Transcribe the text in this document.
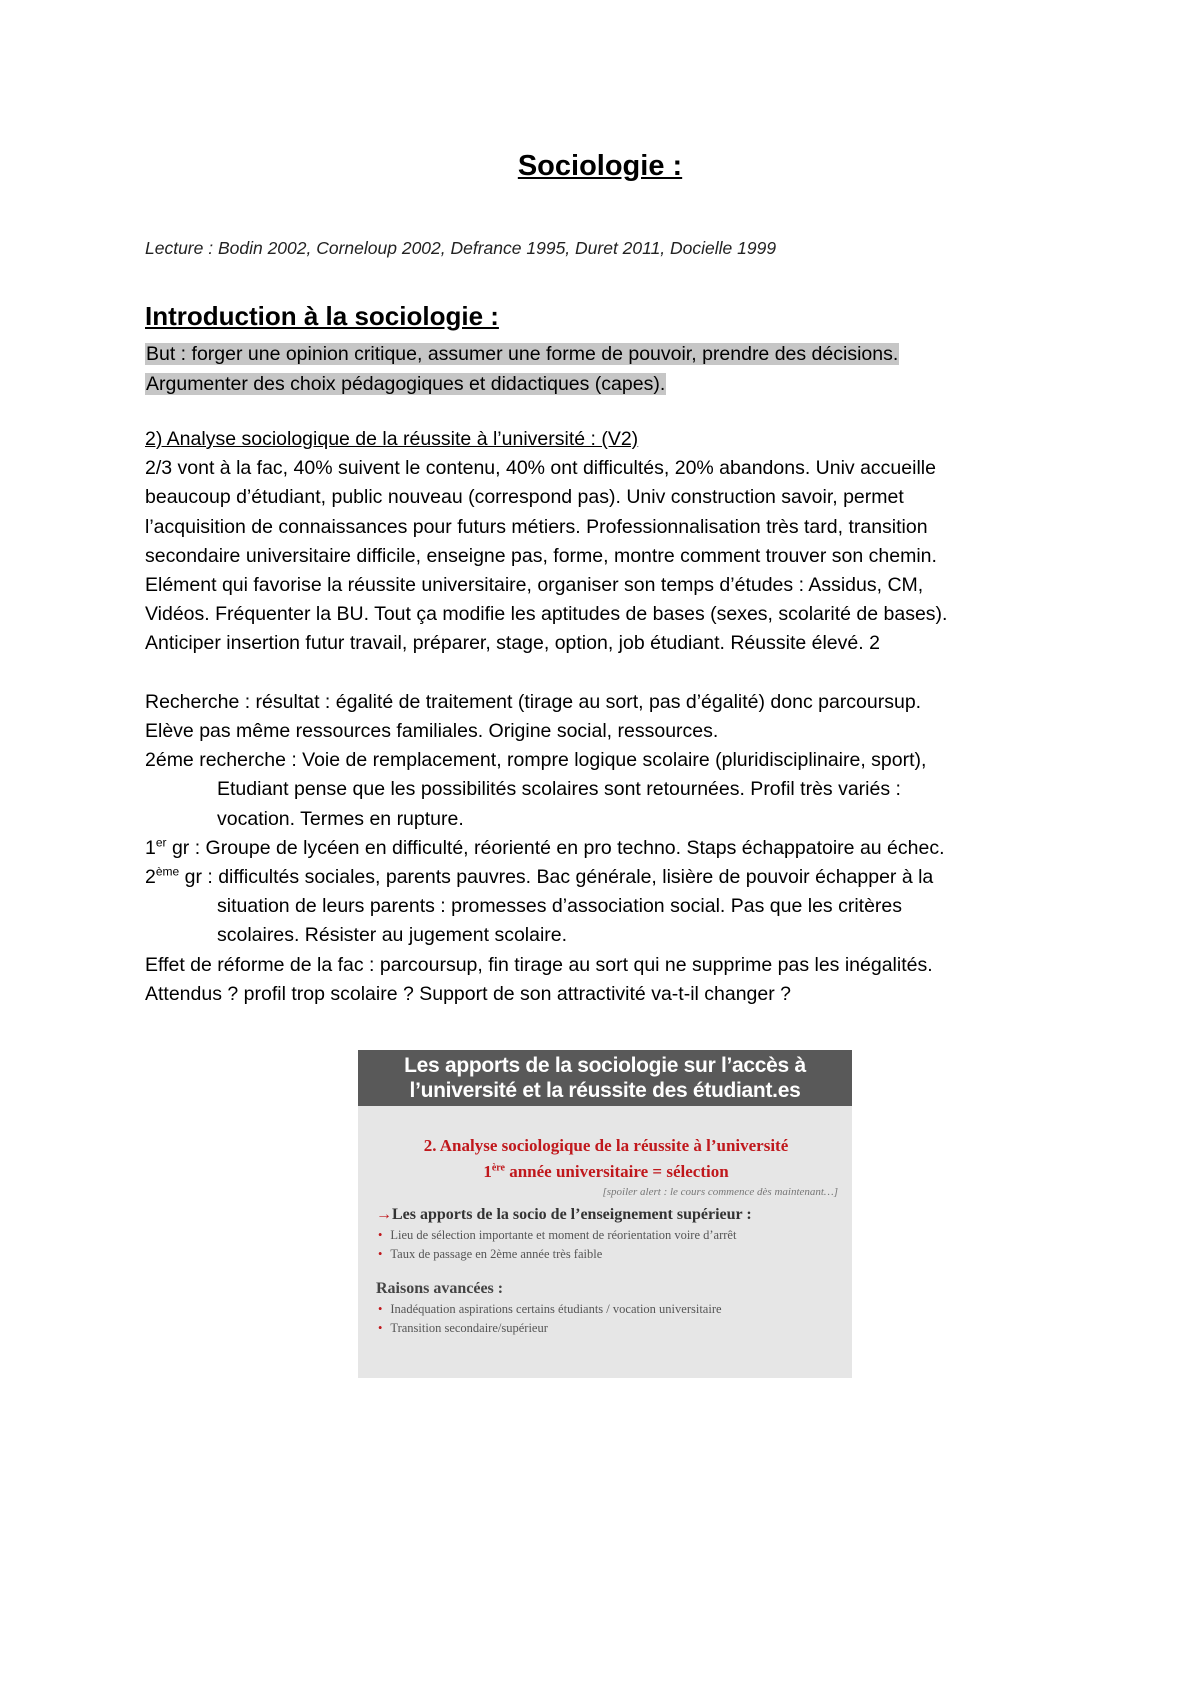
Sociologie :
Lecture : Bodin 2002, Corneloup 2002, Defrance 1995, Duret 2011, Docielle 1999
Introduction à la sociologie :
But : forger une opinion critique, assumer une forme de pouvoir, prendre des décisions.
Argumenter des choix pédagogiques et didactiques (capes).
2) Analyse sociologique de la réussite à l’université : (V2)
2/3 vont à la fac, 40% suivent le contenu, 40% ont difficultés, 20% abandons. Univ accueille
beaucoup d’étudiant, public nouveau (correspond pas). Univ construction savoir, permet
l’acquisition de connaissances pour futurs métiers. Professionnalisation très tard, transition
secondaire universitaire difficile, enseigne pas, forme, montre comment trouver son chemin.
Elément qui favorise la réussite universitaire, organiser son temps d’études : Assidus, CM,
Vidéos. Fréquenter la BU. Tout ça modifie les aptitudes de bases (sexes, scolarité de bases).
Anticiper insertion futur travail, préparer, stage, option, job étudiant. Réussite élevé. 2
Recherche : résultat : égalité de traitement (tirage au sort, pas d’égalité) donc parcoursup.
Elève pas même ressources familiales. Origine social, ressources.
2éme recherche : Voie de remplacement, rompre logique scolaire (pluridisciplinaire, sport),
Etudiant pense que les possibilités scolaires sont retournées. Profil très variés :
vocation. Termes en rupture.
1er gr : Groupe de lycéen en difficulté, réorienté en pro techno. Staps échappatoire au échec.
2ème gr : difficultés sociales, parents pauvres. Bac générale, lisière de pouvoir échapper à la
situation de leurs parents : promesses d’association social. Pas que les critères
scolaires. Résister au jugement scolaire.
Effet de réforme de la fac : parcoursup, fin tirage au sort qui ne supprime pas les inégalités.
Attendus ? profil trop scolaire ? Support de son attractivité va-t-il changer ?
Les apports de la sociologie sur l’accès à
l’université et la réussite des étudiant.es
2. Analyse sociologique de la réussite à l’université
1ère année universitaire = sélection
[spoiler alert : le cours commence dès maintenant…]
→Les apports de la socio de l’enseignement supérieur :
• Lieu de sélection importante et moment de réorientation voire d’arrêt
• Taux de passage en 2ème année très faible
Raisons avancées :
• Inadéquation aspirations certains étudiants / vocation universitaire
• Transition secondaire/supérieur
